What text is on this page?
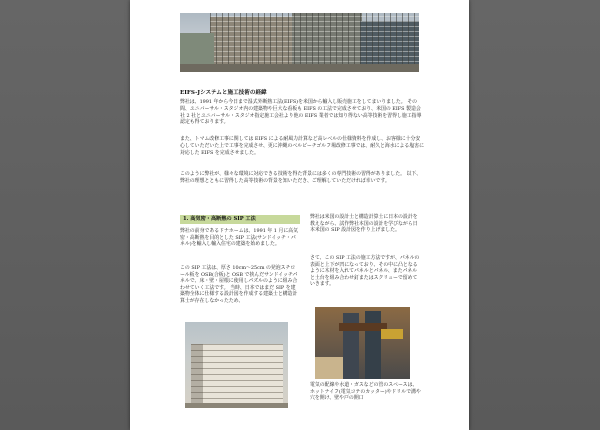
EIFS-Jシステムと施工技術の経緯

弊社は、1991 年から今日まで湿式外断熱工法(EIFS)を米国から輸入し販売施工をしてまいりました。 その間、ユニバーサル・スタジオ内の建築物や巨大な看板も EIFS の工法で完成させており、米国の EIFS 製造会社 2 社とユニバーサル・スタジオ指定施工会社より他の EIFS 業者では知り得ない高等技術を習得し施工指導認定も得ております。

また、トマム改修工事に関しては EIFS による耐風力計算など高レベルの仕様資料を作成し、お客様に十分安心していただいた上で工事を完成させ、更に沖縄のベルビーチゴルフ場改修工事では、耐久と海水による塩害に対応した EIFS を完成させました。

このように弊社が、様々な環境に対応できる技術を得た背景には多くの専門技術の習得がありました。 以下、弊社の理想とともに習得した高等技術の背景を知いただき、ご理解していただければ幸いです。

1. 高気密・高断熱の SIP 工法

弊社の前身であるドナホームは、1991 年 1 月に高気密・高断熱を目的とした SIP 工法(サンドイッチ・パネル)を輸入し輸入住宅の建築を始めました。

この SIP 工法は、厚さ 10cm〜25cm の発泡スチロール板を OSB(合板)と OSB で挟んだサンドイッチパネルで、床・壁・屋根に使用しパズルのように組み合わせていく工法です。 当時、日本ではまだ SIP を建築物全体に仕様する設計図を作成する建築士と構造計算士が存在しなかったため、

弊社は米国の設計士と構造計算士に日本の設計を教えながら、試作弊社本国の設計を学びながら日本米国の SIP 設計図を作り上げました。

さて、この SIP 工法の施工方法ですが、パネルの表面と上下が凹になっており、その中に凸となるように木材を入れてパネルとパネル、またパネルと土台を組み合わせ釘またはスクリューで留めていきます。

電気の配線や水道・ガスなどの管のスペースは、ホットナイフ(電気コテのカッター)やドリルで溝や穴を開け、壁や戸の開口
